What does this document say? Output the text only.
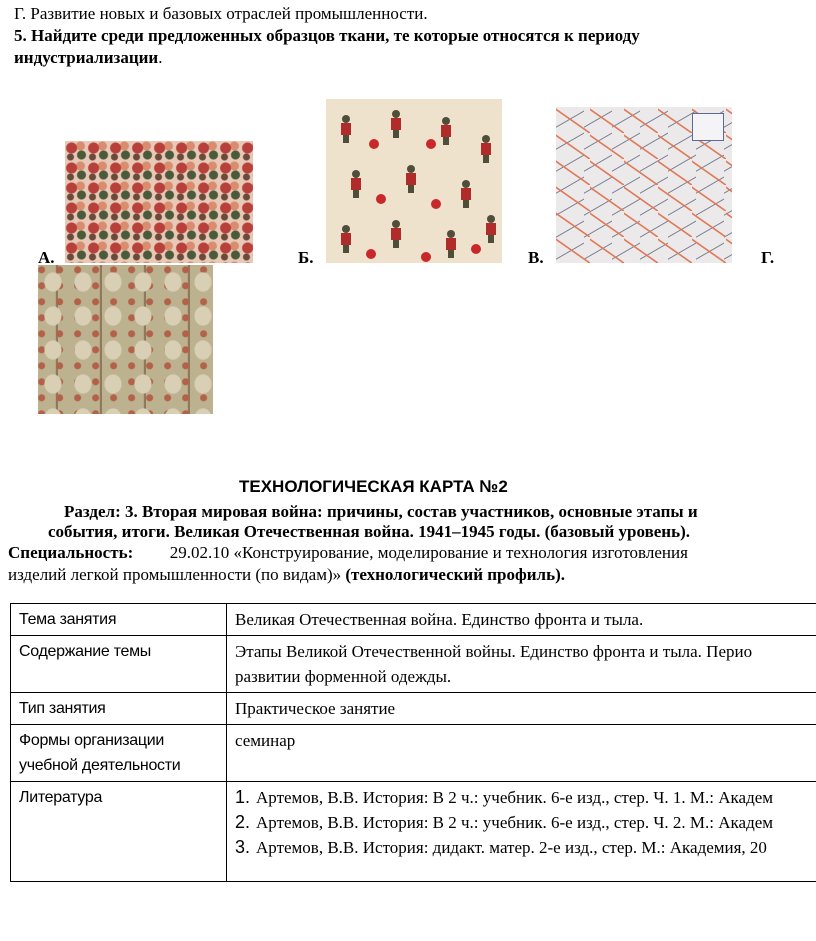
Г. Развитие новых и базовых отраслей промышленности.
5. Найдите среди предложенных образцов ткани, те которые относятся к периоду
индустриализации.
А.	Б.	В.	Г.
ТЕХНОЛОГИЧЕСКАЯ КАРТА №2
Раздел: 3. Вторая мировая война: причины, состав участников, основные этапы и
события, итоги. Великая Отечественная война. 1941–1945 годы. (базовый уровень).
Специальность: 29.02.10 «Конструирование, моделирование и технология изготовления
изделий легкой промышленности (по видам)» (технологический профиль).
Тема занятия	Великая Отечественная война. Единство фронта и тыла.
Содержание темы	Этапы Великой Отечественной войны. Единство фронта и тыла. Перио
развитии форменной одежды.

Тип занятия	Практическое занятие

Формы организации
учебной деятельности	семинар
Литература	1. Артемов, В.В. История: В 2 ч.: учебник. 6-е изд., стер. Ч. 1. М.: Академ
2. Артемов, В.В. История: В 2 ч.: учебник. 6-е изд., стер. Ч. 2. М.: Академ
3. Артемов, В.В. История: дидакт. матер. 2-е изд., стер. М.: Академия, 20
